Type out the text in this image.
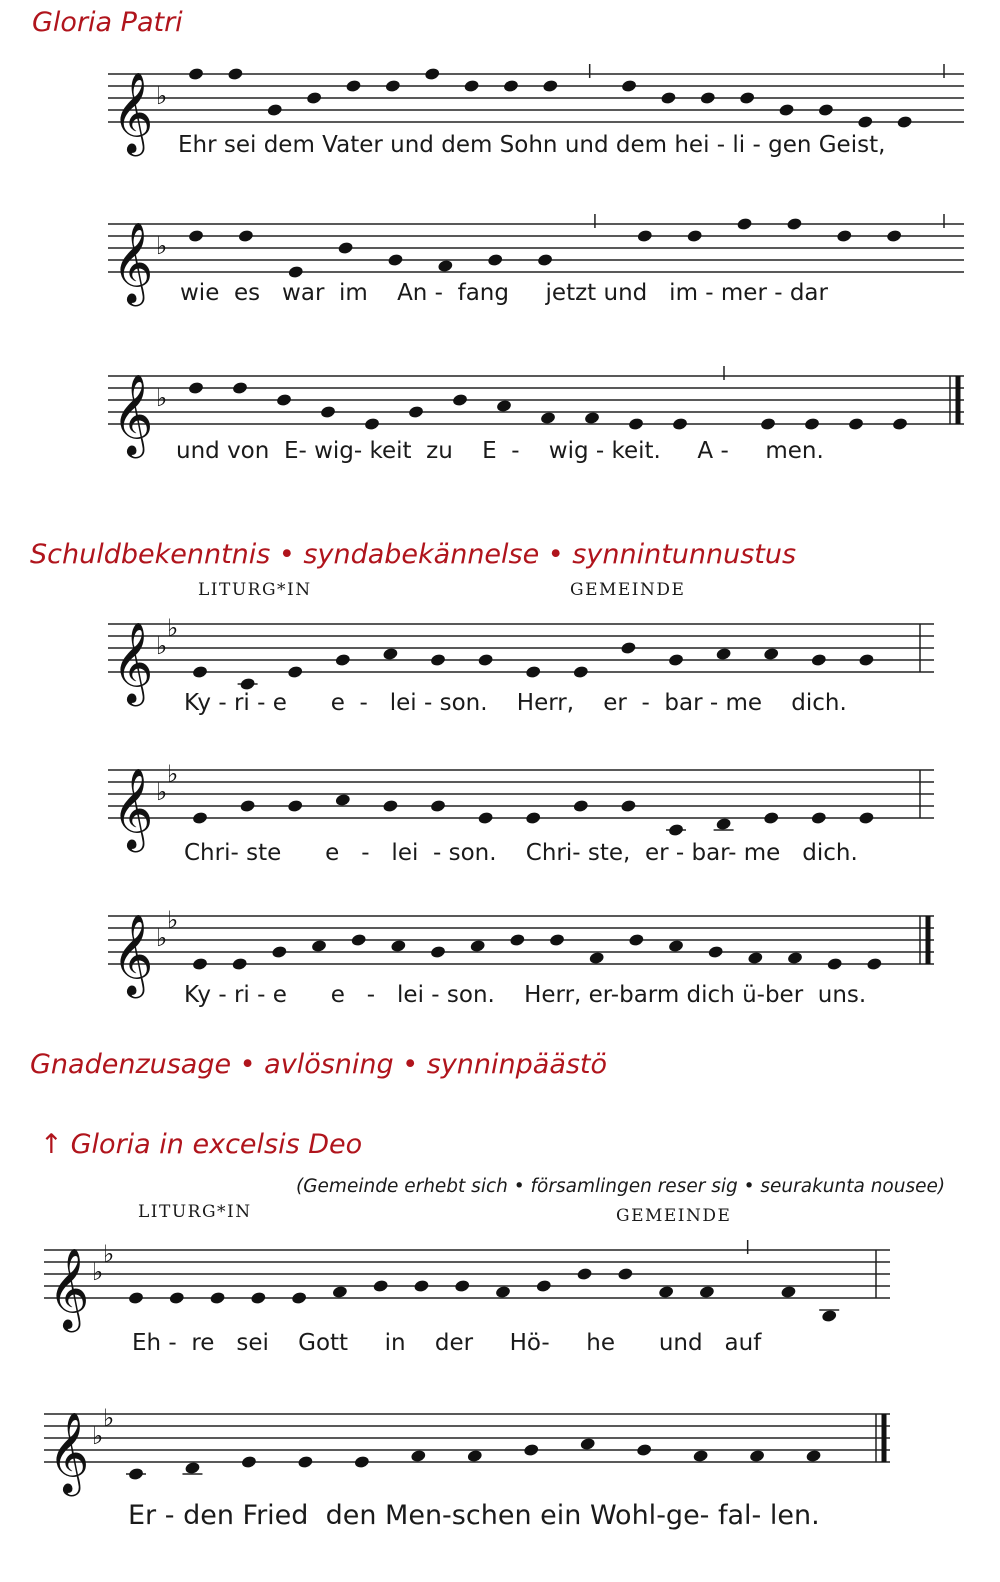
Gloria Patri
𝄞 ♭

Ehr sei dem Vater und dem Sohn und dem hei - li - gen Geist,

𝄞 ♭

wie  es   war  im    An -  fang     jetzt und   im - mer - dar

𝄞 ♭

und von  E- wig- keit  zu    E  -    wig - keit.     A -     men.

Schuldbekenntnis • syndabekännelse • synnintunnustus
LITURG*IN	GEMEINDE
𝄞 ♭
♭

Ky - ri - e      e  -   lei - son.    Herr,    er  -  bar - me    dich.

𝄞 ♭
♭

Chri- ste      e   -   lei  - son.    Chri- ste,  er - bar- me   dich.

𝄞 ♭
♭

Ky - ri - e      e   -   lei - son.    Herr, er-barm dich ü-ber  uns.

Gnadenzusage • avlösning • synninpäästö
↑ Gloria in excelsis Deo

(Gemeinde erhebt sich • församlingen reser sig • seurakunta nousee)

LITURG*IN	GEMEINDE
𝄞 ♭
♭

Eh -  re   sei    Gott     in    der     Hö-     he      und   auf

𝄞 ♭
♭

Er - den Fried  den Men-schen ein Wohl-ge- fal- len.
